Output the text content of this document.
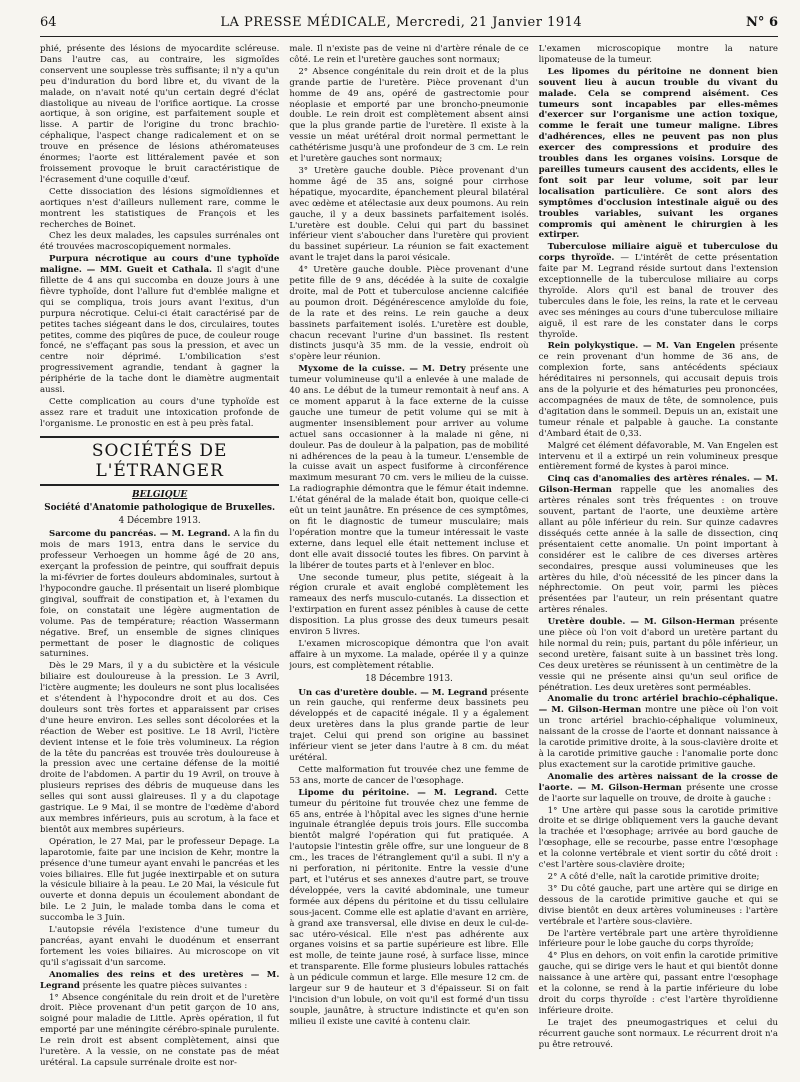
64	LA PRESSE MÉDICALE, Mercredi, 21 Janvier 1914	N° 6

phié, présente des lésions de myocardite scléreuse. Dans l'autre cas, au contraire, les sigmoïdes conservent une souplesse très suffisante; il n'y a qu'un peu d'induration du bord libre et, du vivant de la malade, on n'avait noté qu'un certain degré d'éclat diastolique au niveau de l'orifice aortique. La crosse aortique, à son origine, est parfaitement souple et lisse. A partir de l'origine du tronc brachio-céphalique, l'aspect change radicalement et on se trouve en présence de lésions athéromateuses énormes; l'aorte est littéralement pavée et son froissement provoque le bruit caractéristique de l'écrasement d'une coquille d'œuf.

Cette dissociation des lésions sigmoïdiennes et aortiques n'est d'ailleurs nullement rare, comme le montrent les statistiques de François et les recherches de Boinet.

Chez les deux malades, les capsules surrénales ont été trouvées macroscopiquement normales.

Purpura nécrotique au cours d'une typhoïde maligne. — MM. Gueit et Cathala. Il s'agit d'une fillette de 4 ans qui succomba en douze jours à une fièvre typhoïde, dont l'allure fut d'emblée maligne et qui se compliqua, trois jours avant l'exitus, d'un purpura nécrotique. Celui-ci était caractérisé par de petites taches siégeant dans le dos, circulaires, toutes petites, comme des piqûres de puce, de couleur rouge foncé, ne s'effaçant pas sous la pression, et avec un centre noir déprimé. L'ombilication s'est progressivement agrandie, tendant à gagner la périphérie de la tache dont le diamètre augmentait aussi.

Cette complication au cours d'une typhoïde est assez rare et traduit une intoxication profonde de l'organisme. Le pronostic en est à peu près fatal.

SOCIÉTÉS DE L'ÉTRANGER
BELGIQUE
Société d'Anatomie pathologique de Bruxelles.
4 Décembre 1913.

Sarcome du pancréas. — M. Legrand. A la fin du mois de mars 1913, entra dans le service du professeur Verhoegen un homme âgé de 20 ans, exerçant la profession de peintre, qui souffrait depuis la mi-février de fortes douleurs abdominales, surtout à l'hypocondre gauche. Il présentait un liseré plombique gingival, souffrait de constipation et, à l'examen du foie, on constatait une légère augmentation de volume. Pas de température; réaction Wassermann négative. Bref, un ensemble de signes cliniques permettant de poser le diagnostic de coliques saturnines.

Dès le 29 Mars, il y a du subictère et la vésicule biliaire est douloureuse à la pression. Le 3 Avril, l'ictère augmente; les douleurs ne sont plus localisées et s'étendent à l'hypocondre droit et au dos. Ces douleurs sont très fortes et apparaissent par crises d'une heure environ. Les selles sont décolorées et la réaction de Weber est positive. Le 18 Avril, l'ictère devient intense et le foie très volumineux. La région de la tête du pancréas est trouvée très douloureuse à la pression avec une certaine défense de la moitié droite de l'abdomen. A partir du 19 Avril, on trouve à plusieurs reprises des débris de muqueuse dans les selles qui sont aussi glaireuses. Il y a du clapotage gastrique. Le 9 Mai, il se montre de l'œdème d'abord aux membres inférieurs, puis au scrotum, à la face et bientôt aux membres supérieurs.

Opération, le 27 Mai, par le professeur Depage. La laparotomie, faite par une incision de Kehr, montre la présence d'une tumeur ayant envahi le pancréas et les voies biliaires. Elle fut jugée inextirpable et on sutura la vésicule biliaire à la peau. Le 20 Mai, la vésicule fut ouverte et donna depuis un écoulement abondant de bile. Le 2 Juin, le malade tomba dans le coma et succomba le 3 Juin.

L'autopsie révéla l'existence d'une tumeur du pancréas, ayant envahi le duodénum et enserrant fortement les voies biliaires. Au microscope on vit qu'il s'agissait d'un sarcome.

Anomalies des reins et des uretères — M. Legrand présente les quatre pièces suivantes :

1° Absence congénitale du rein droit et de l'uretère droit. Pièce provenant d'un petit garçon de 10 ans, soigné pour maladie de Little. Après opération, il fut emporté par une méningite cérébro-spinale purulente. Le rein droit est absent complètement, ainsi que l'uretère. A la vessie, on ne constate pas de méat urétéral. La capsule surrénale droite est nor-

male. Il n'existe pas de veine ni d'artère rénale de ce côté. Le rein et l'uretère gauches sont normaux;

2° Absence congénitale du rein droit et de la plus grande partie de l'uretère. Pièce provenant d'un homme de 49 ans, opéré de gastrectomie pour néoplasie et emporté par une broncho-pneumonie double. Le rein droit est complètement absent ainsi que la plus grande partie de l'uretère. Il existe à la vessie un méat urétéral droit normal permettant le cathétérisme jusqu'à une profondeur de 3 cm. Le rein et l'uretère gauches sont normaux;

3° Uretère gauche double. Pièce provenant d'un homme âgé de 35 ans, soigné pour cirrhose hépatique, myocardite, épanchement pleural bilatéral avec œdème et atélectasie aux deux poumons. Au rein gauche, il y a deux bassinets parfaitement isolés. L'uretère est double. Celui qui part du bassinet inférieur vient s'aboucher dans l'uretère qui provient du bassinet supérieur. La réunion se fait exactement avant le trajet dans la paroi vésicale.

4° Uretère gauche double. Pièce provenant d'une petite fille de 9 ans, décédée à la suite de coxalgie droite, mal de Pott et tuberculose ancienne calcifiée au poumon droit. Dégénérescence amyloïde du foie, de la rate et des reins. Le rein gauche a deux bassinets parfaitement isolés. L'uretère est double, chacun recevant l'urine d'un bassinet. Ils restent distincts jusqu'à 35 mm. de la vessie, endroit où s'opère leur réunion.

Myxome de la cuisse. — M. Detry présente une tumeur volumineuse qu'il a enlevée à une malade de 40 ans. Le début de la tumeur remontait à neuf ans. A ce moment apparut à la face externe de la cuisse gauche une tumeur de petit volume qui se mit à augmenter insensiblement pour arriver au volume actuel sans occasionner à la malade ni gêne, ni douleur. Pas de douleur à la palpation, pas de mobilité ni adhérences de la peau à la tumeur. L'ensemble de la cuisse avait un aspect fusiforme à circonférence maximum mesurant 70 cm. vers le milieu de la cuisse. La radiographie démontra que le fémur était indemne. L'état général de la malade était bon, quoique celle-ci eût un teint jaunâtre. En présence de ces symptômes, on fit le diagnostic de tumeur musculaire; mais l'opération montre que la tumeur intéressait le vaste externe, dans lequel elle était nettement incluse et dont elle avait dissocié toutes les fibres. On parvint à la libérer de toutes parts et à l'enlever en bloc.

Une seconde tumeur, plus petite, siégeait à la région crurale et avait englobé complètement les rameaux des nerfs musculo-cutanés. La dissection et l'extirpation en furent assez pénibles à cause de cette disposition. La plus grosse des deux tumeurs pesait environ 5 livres.

L'examen microscopique démontra que l'on avait affaire à un myxome. La malade, opérée il y a quinze jours, est complètement rétablie.

18 Décembre 1913.

Un cas d'uretère double. — M. Legrand présente un rein gauche, qui renferme deux bassinets peu développés et de capacité inégale. Il y a également deux uretères dans la plus grande partie de leur trajet. Celui qui prend son origine au bassinet inférieur vient se jeter dans l'autre à 8 cm. du méat urétéral.

Cette malformation fut trouvée chez une femme de 53 ans, morte de cancer de l'œsophage.

Lipome du péritoine. — M. Legrand. Cette tumeur du péritoine fut trouvée chez une femme de 65 ans, entrée à l'hôpital avec les signes d'une hernie inguinale étranglée depuis trois jours. Elle succomba bientôt malgré l'opération qui fut pratiquée. A l'autopsie l'intestin grêle offre, sur une longueur de 8 cm., les traces de l'étranglement qu'il a subi. Il n'y a ni perforation, ni péritonite. Entre la vessie d'une part, et l'utérus et ses annexes d'autre part, se trouve développée, vers la cavité abdominale, une tumeur formée aux dépens du péritoine et du tissu cellulaire sous-jacent. Comme elle est aplatie d'avant en arrière, à grand axe transversal, elle divise en deux le cul-de-sac utéro-vésical. Elle n'est pas adhérente aux organes voisins et sa partie supérieure est libre. Elle est molle, de teinte jaune rosé, à surface lisse, mince et transparente. Elle forme plusieurs lobules rattachés à un pédicule commun et large. Elle mesure 12 cm. de largeur sur 9 de hauteur et 3 d'épaisseur. Si on fait l'incision d'un lobule, on voit qu'il est formé d'un tissu souple, jaunâtre, à structure indistincte et qu'en son milieu il existe une cavité à contenu clair.

L'examen microscopique montre la nature lipomateuse de la tumeur.

Les lipomes du péritoine ne donnent bien souvent lieu à aucun trouble du vivant du malade. Cela se comprend aisément. Ces tumeurs sont incapables par elles-mêmes d'exercer sur l'organisme une action toxique, comme le ferait une tumeur maligne. Libres d'adhérences, elles ne peuvent pas non plus exercer des compressions et produire des troubles dans les organes voisins. Lorsque de pareilles tumeurs causent des accidents, elles le font soit par leur volume, soit par leur localisation particulière. Ce sont alors des symptômes d'occlusion intestinale aiguë ou des troubles variables, suivant les organes compromis qui amènent le chirurgien à les extirper.

Tuberculose miliaire aiguë et tuberculose du corps thyroïde. — L'intérêt de cette présentation faite par M. Legrand réside surtout dans l'extension exceptionnelle de la tuberculose miliaire au corps thyroïde. Alors qu'il est banal de trouver des tubercules dans le foie, les reins, la rate et le cerveau avec ses méninges au cours d'une tuberculose miliaire aiguë, il est rare de les constater dans le corps thyroïde.

Rein polykystique. — M. Van Engelen présente ce rein provenant d'un homme de 36 ans, de complexion forte, sans antécédents spéciaux héréditaires ni personnels, qui accusait depuis trois ans de la polyurie et des hématuries peu prononcées, accompagnées de maux de tête, de somnolence, puis d'agitation dans le sommeil. Depuis un an, existait une tumeur rénale et palpable à gauche. La constante d'Ambard était de 0,33.

Malgré cet élément défavorable, M. Van Engelen est intervenu et il a extirpé un rein volumineux presque entièrement formé de kystes à paroi mince.

Cinq cas d'anomalies des artères rénales. — M. Gilson-Herman rappelle que les anomalies des artères rénales sont très fréquentes : on trouve souvent, partant de l'aorte, une deuxième artère allant au pôle inférieur du rein. Sur quinze cadavres disséqués cette année à la salle de dissection, cinq présentaient cette anomalie. Un point important à considérer est le calibre de ces diverses artères secondaires, presque aussi volumineuses que les artères du hile, d'où nécessité de les pincer dans la néphrectomie. On peut voir, parmi les pièces présentées par l'auteur, un rein présentant quatre artères rénales.

Uretère double. — M. Gilson-Herman présente une pièce où l'on voit d'abord un uretère partant du hile normal du rein; puis, partant du pôle inférieur, un second uretère, faisant suite à un bassinet très long. Ces deux uretères se réunissent à un centimètre de la vessie qui ne présente ainsi qu'un seul orifice de pénétration. Les deux uretères sont perméables.

Anomalie du tronc artériel brachio-céphalique. — M. Gilson-Herman montre une pièce où l'on voit un tronc artériel brachio-céphalique volumineux, naissant de la crosse de l'aorte et donnant naissance à la carotide primitive droite, à la sous-clavière droite et à la carotide primitive gauche : l'anomalie porte donc plus exactement sur la carotide primitive gauche.

Anomalie des artères naissant de la crosse de l'aorte. — M. Gilson-Herman présente une crosse de l'aorte sur laquelle on trouve, de droite à gauche :

1° Une artère qui passe sous la carotide primitive droite et se dirige obliquement vers la gauche devant la trachée et l'œsophage; arrivée au bord gauche de l'œsophage, elle se recourbe, passe entre l'œsophage et la colonne vertébrale et vient sortir du côté droit : c'est l'artère sous-clavière droite;

2° A côté d'elle, naît la carotide primitive droite;

3° Du côté gauche, part une artère qui se dirige en dessous de la carotide primitive gauche et qui se divise bientôt en deux artères volumineuses : l'artère vertébrale et l'artère sous-clavière.

De l'artère vertébrale part une artère thyroïdienne inférieure pour le lobe gauche du corps thyroïde;

4° Plus en dehors, on voit enfin la carotide primitive gauche, qui se dirige vers le haut et qui bientôt donne naissance à une artère qui, passant entre l'œsophage et la colonne, se rend à la partie inférieure du lobe droit du corps thyroïde : c'est l'artère thyroïdienne inférieure droite.

Le trajet des pneumogastriques et celui du récurrent gauche sont normaux. Le récurrent droit n'a pu être retrouvé.
